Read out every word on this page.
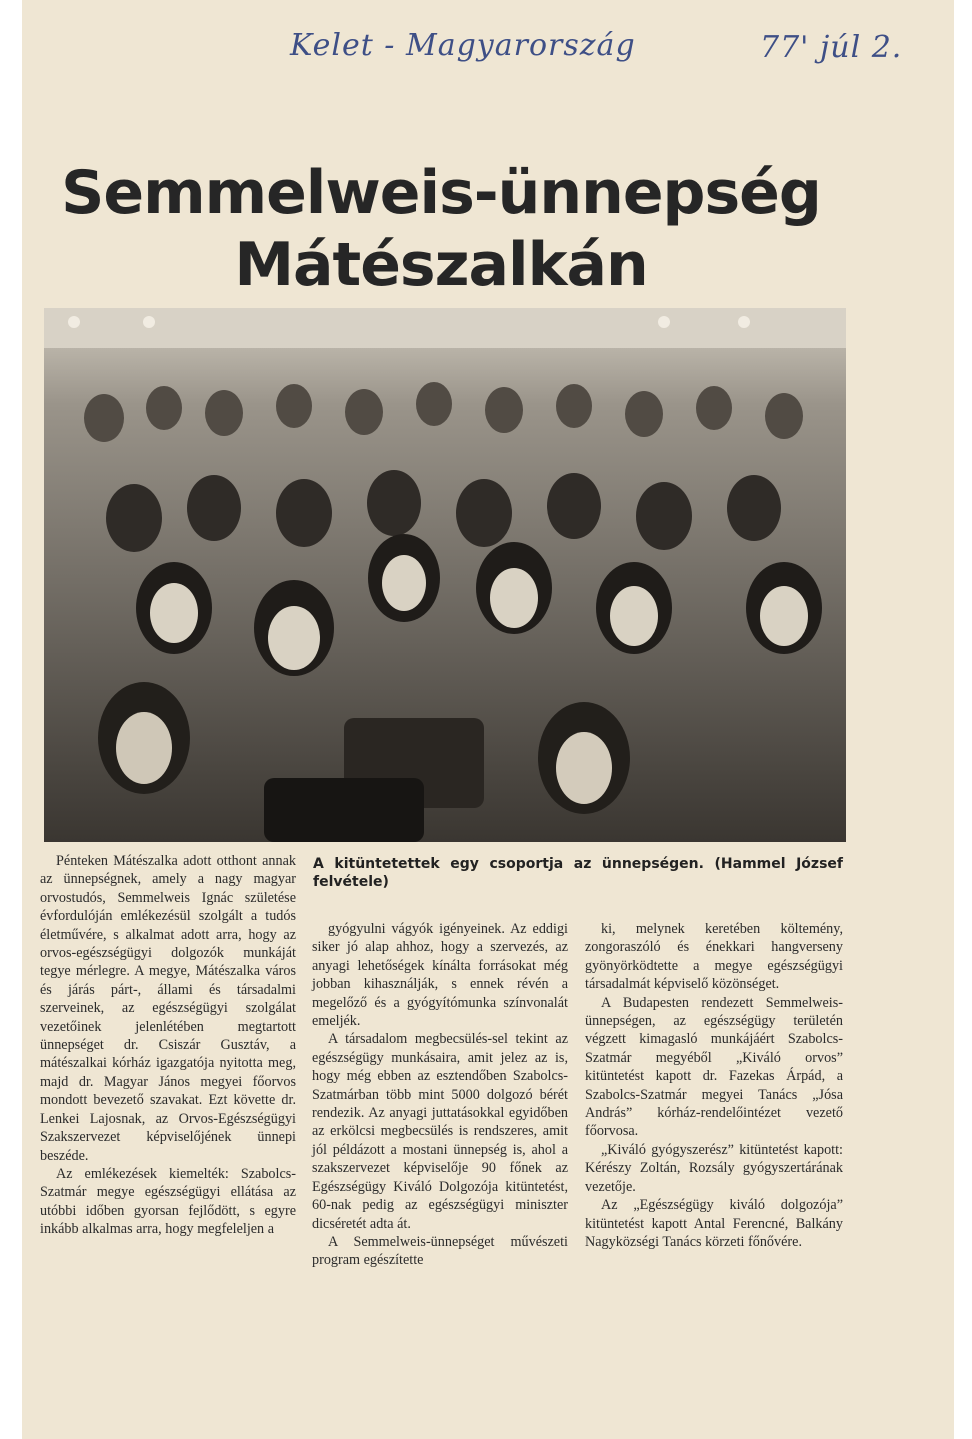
Kelet - Magyarország	77' júl 2.
Semmelweis-ünnepség
Mátészalkán
A kitüntetettek egy csoportja az ünnepségen. (Hammel József felvétele)

Pénteken Mátészalka adott otthont annak az ünnepségnek, amely a nagy magyar orvostudós, Semmelweis Ignác születése évfordulóján emlékezésül szolgált a tudós életművére, s alkalmat adott arra, hogy az orvos-egészségügyi dolgozók munkáját tegye mérlegre. A megye, Mátészalka város és járás párt-, állami és társadalmi szerveinek, az egészségügyi szolgálat vezetőinek jelenlétében megtartott ünnepséget dr. Csiszár Gusztáv, a mátészalkai kórház igazgatója nyitotta meg, majd dr. Magyar János megyei főorvos mondott bevezető szavakat. Ezt követte dr. Lenkei Lajosnak, az Orvos-Egészségügyi Szakszervezet képviselőjének ünnepi beszéde.

Az emlékezések kiemelték: Szabolcs-Szatmár megye egészségügyi ellátása az utóbbi időben gyorsan fejlődött, s egyre inkább alkalmas arra, hogy megfeleljen a

gyógyulni vágyók igényeinek. Az eddigi siker jó alap ahhoz, hogy a szervezés, az anyagi lehetőségek kínálta forrásokat még jobban kihasználják, s ennek révén a megelőző és a gyógyítómunka színvonalát emeljék.

A társadalom megbecsülés-sel tekint az egészségügy munkásaira, amit jelez az is, hogy még ebben az esztendőben Szabolcs-Szatmárban több mint 5000 dolgozó bérét rendezik. Az anyagi juttatásokkal egyidőben az erkölcsi megbecsülés is rendszeres, amit jól példázott a mostani ünnepség is, ahol a szakszervezet képviselője 90 főnek az Egészségügy Kiváló Dolgozója kitüntetést, 60-nak pedig az egészségügyi miniszter dicséretét adta át.

A Semmelweis-ünnepséget művészeti program egészítette

ki, melynek keretében költemény, zongoraszóló és énekkari hangverseny gyönyörködtette a megye egészségügyi társadalmát képviselő közönséget.

A Budapesten rendezett Semmelweis-ünnepségen, az egészségügy területén végzett kimagasló munkájáért Szabolcs-Szatmár megyéből „Kiváló orvos” kitüntetést kapott dr. Fazekas Árpád, a Szabolcs-Szatmár megyei Tanács „Jósa András” kórház-rendelőintézet vezető főorvosa.

„Kiváló gyógyszerész” kitüntetést kapott: Kérészy Zoltán, Rozsály gyógyszertárának vezetője.

Az „Egészségügy kiváló dolgozója” kitüntetést kapott Antal Ferencné, Balkány Nagyközségi Tanács körzeti főnővére.
